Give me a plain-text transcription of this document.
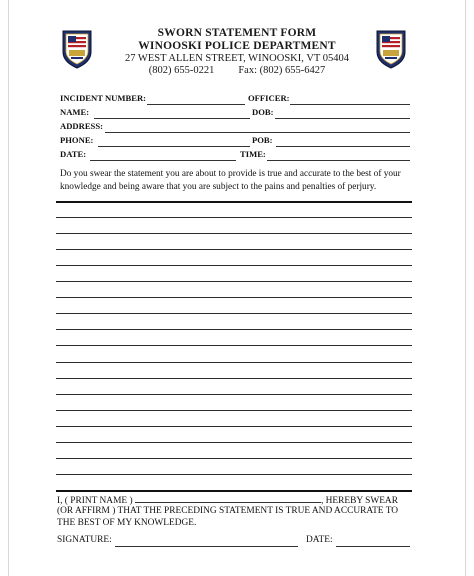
SWORN STATEMENT FORM
WINOOSKI POLICE DEPARTMENT
27 WEST ALLEN STREET, WINOOSKI, VT 05404
(802) 655-0221 Fax: (802) 655-6427
INCIDENT NUMBER:	OFFICER:
NAME:	DOB:
ADDRESS:
PHONE:	POB:
DATE:	TIME:
Do you swear the statement you are about to provide is true and accurate to the best of your knowledge and being aware that you are subject to the pains and penalties of perjury.
I, ( PRINT NAME )	, HEREBY SWEAR
(OR AFFIRM ) THAT THE PRECEDING STATEMENT IS TRUE AND ACCURATE TO
THE BEST OF MY KNOWLEDGE.
SIGNATURE:	DATE:
